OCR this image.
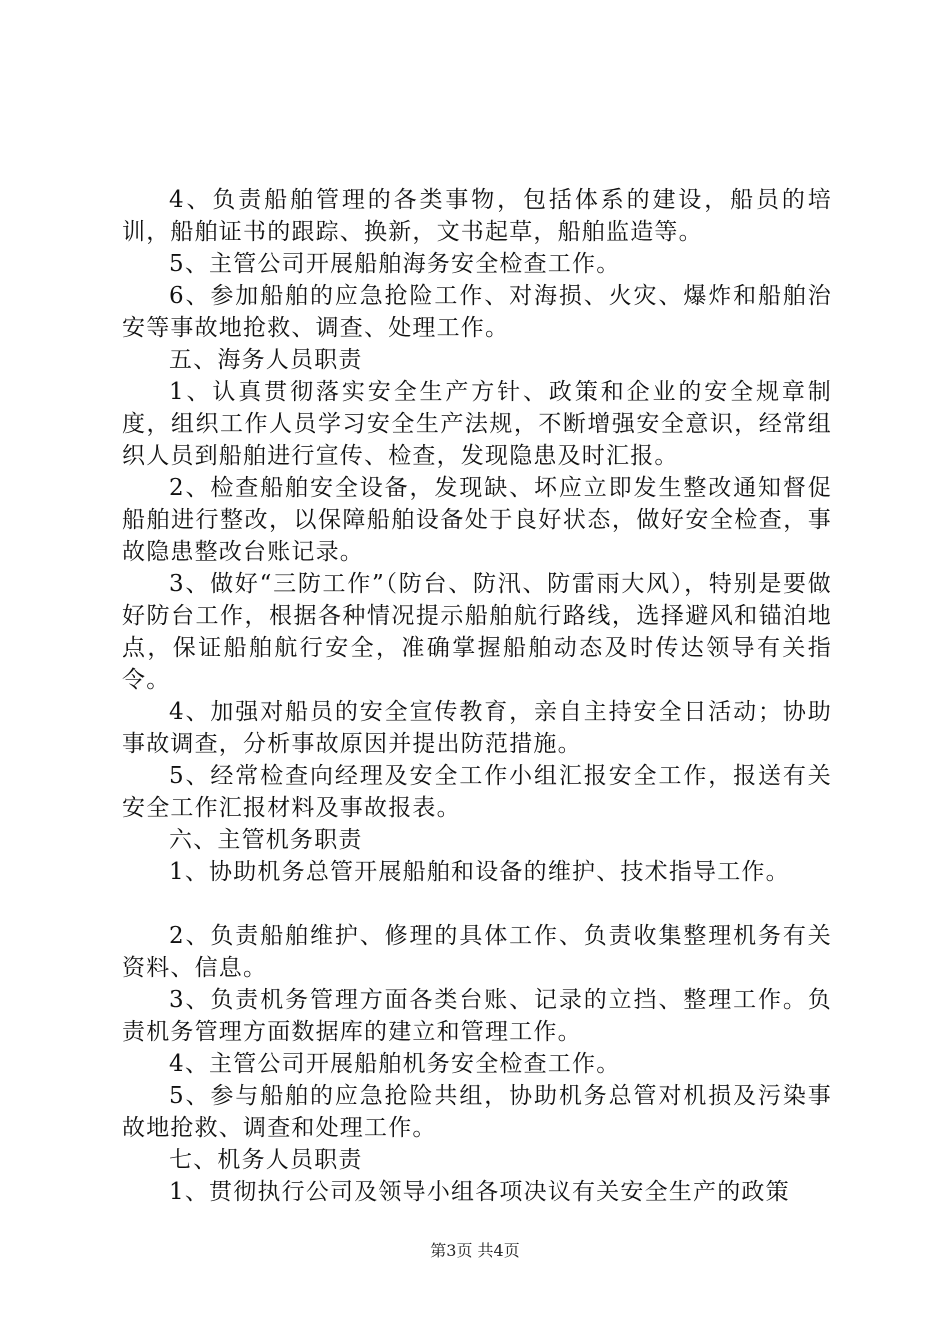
4、负责船舶管理的各类事物，包括体系的建设，船员的培训，船舶证书的跟踪、换新，文书起草，船舶监造等。

5、主管公司开展船舶海务安全检查工作。

6、参加船舶的应急抢险工作、对海损、火灾、爆炸和船舶治安等事故地抢救、调查、处理工作。

五、海务人员职责

1、认真贯彻落实安全生产方针、政策和企业的安全规章制度，组织工作人员学习安全生产法规，不断增强安全意识，经常组织人员到船舶进行宣传、检查，发现隐患及时汇报。

2、检查船舶安全设备，发现缺、坏应立即发生整改通知督促船舶进行整改，以保障船舶设备处于良好状态，做好安全检查，事故隐患整改台账记录。

3、做好“三防工作”（防台、防汛、防雷雨大风），特别是要做好防台工作，根据各种情况提示船舶航行路线，选择避风和锚泊地点，保证船舶航行安全，准确掌握船舶动态及时传达领导有关指令。

4、加强对船员的安全宣传教育，亲自主持安全日活动；协助事故调查，分析事故原因并提出防范措施。

5、经常检查向经理及安全工作小组汇报安全工作，报送有关安全工作汇报材料及事故报表。

六、主管机务职责

1、协助机务总管开展船舶和设备的维护、技术指导工作。

2、负责船舶维护、修理的具体工作、负责收集整理机务有关资料、信息。

3、负责机务管理方面各类台账、记录的立挡、整理工作。负责机务管理方面数据库的建立和管理工作。

4、主管公司开展船舶机务安全检查工作。

5、参与船舶的应急抢险共组，协助机务总管对机损及污染事故地抢救、调查和处理工作。

七、机务人员职责

1、贯彻执行公司及领导小组各项决议有关安全生产的政策

第3页 共4页
